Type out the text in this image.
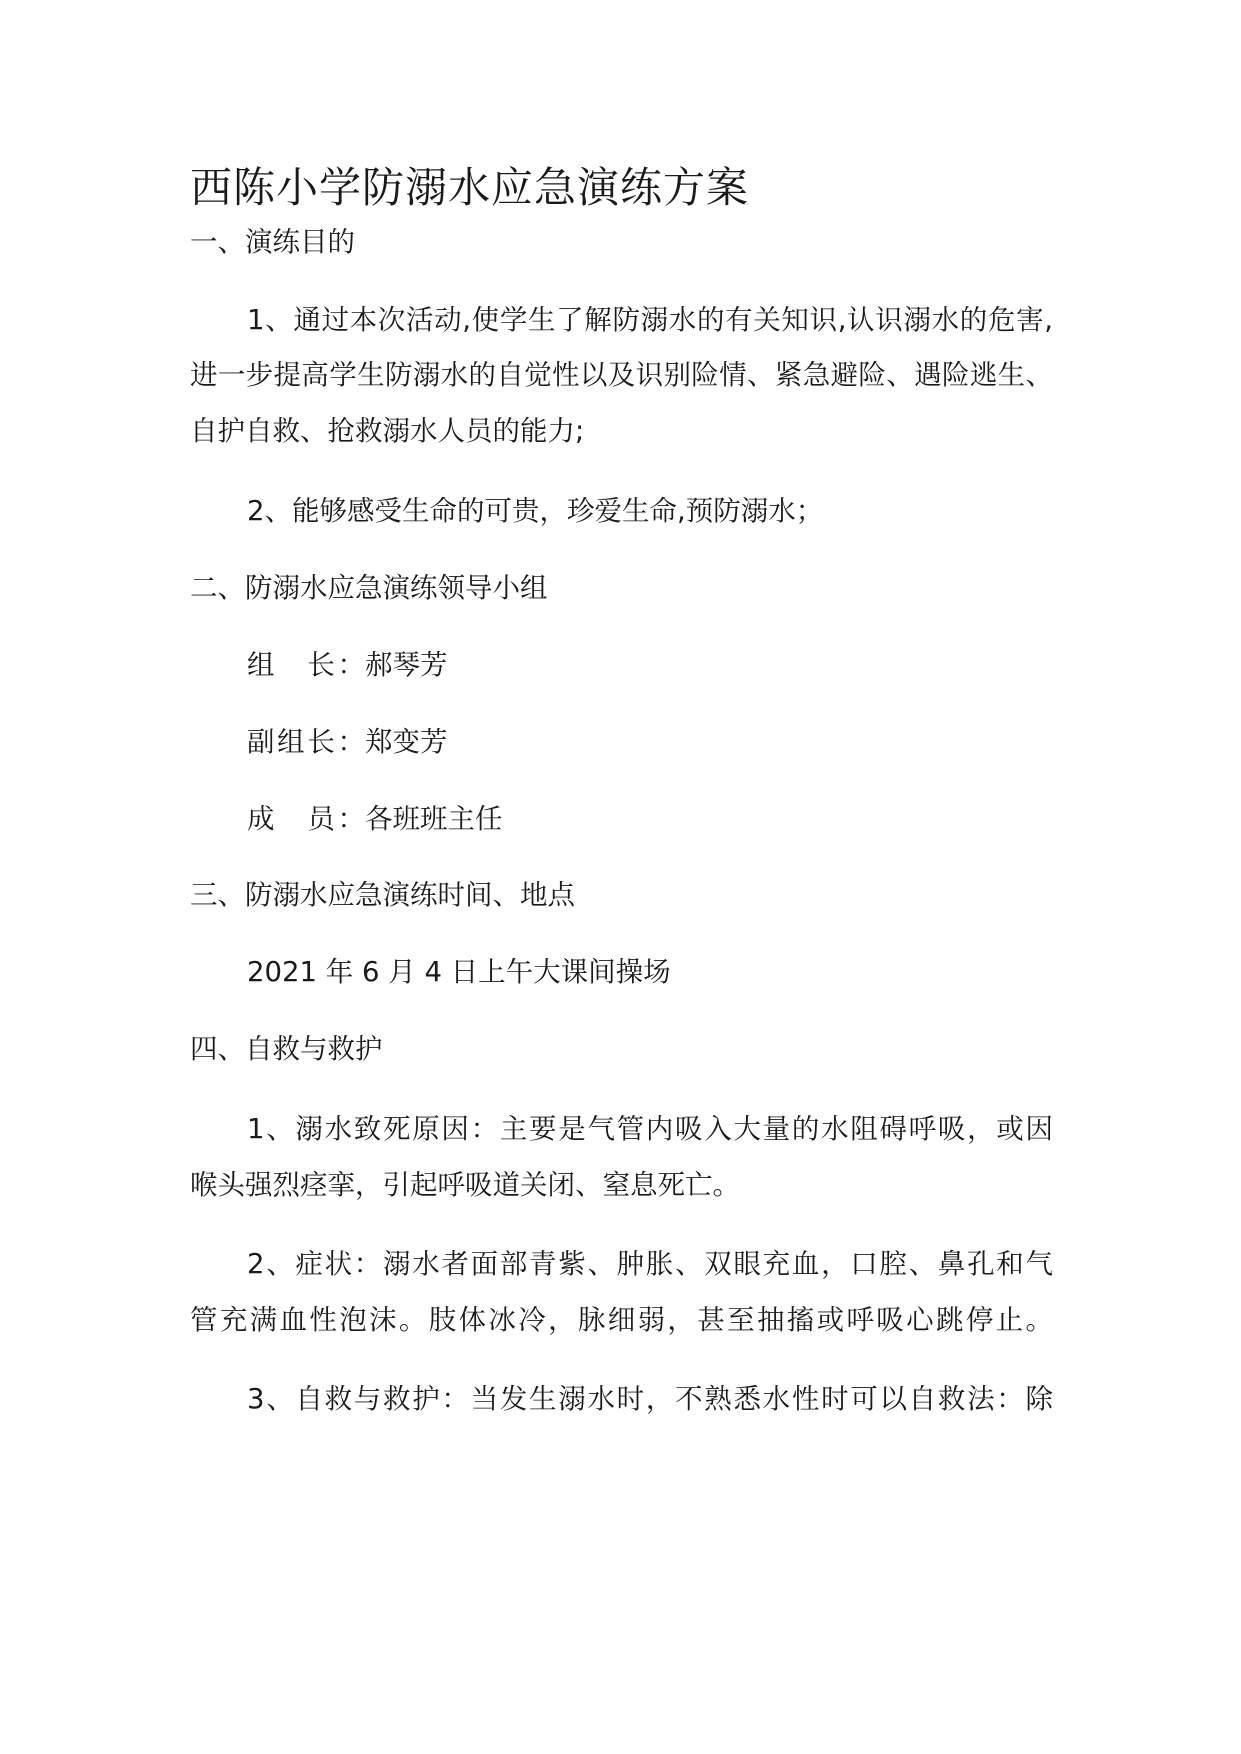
西陈小学防溺水应急演练方案

一、演练目的

1、通过本次活动,使学生了解防溺水的有关知识,认识溺水的危害,

进一步提高学生防溺水的自觉性以及识别险情、紧急避险、遇险逃生、

自护自救、抢救溺水人员的能力;

2、能够感受生命的可贵，珍爱生命,预防溺水；

二、防溺水应急演练领导小组

组　长：郝琴芳

副组长：郑变芳

成　员：各班班主任

三、防溺水应急演练时间、地点

2021 年 6 月 4 日上午大课间操场

四、自救与救护

1、溺水致死原因：主要是气管内吸入大量的水阻碍呼吸，或因

喉头强烈痉挛，引起呼吸道关闭、窒息死亡。

2、症状：溺水者面部青紫、肿胀、双眼充血，口腔、鼻孔和气

管充满血性泡沫。肢体冰冷，脉细弱，甚至抽搐或呼吸心跳停止。

3、自救与救护：当发生溺水时，不熟悉水性时可以自救法：除
